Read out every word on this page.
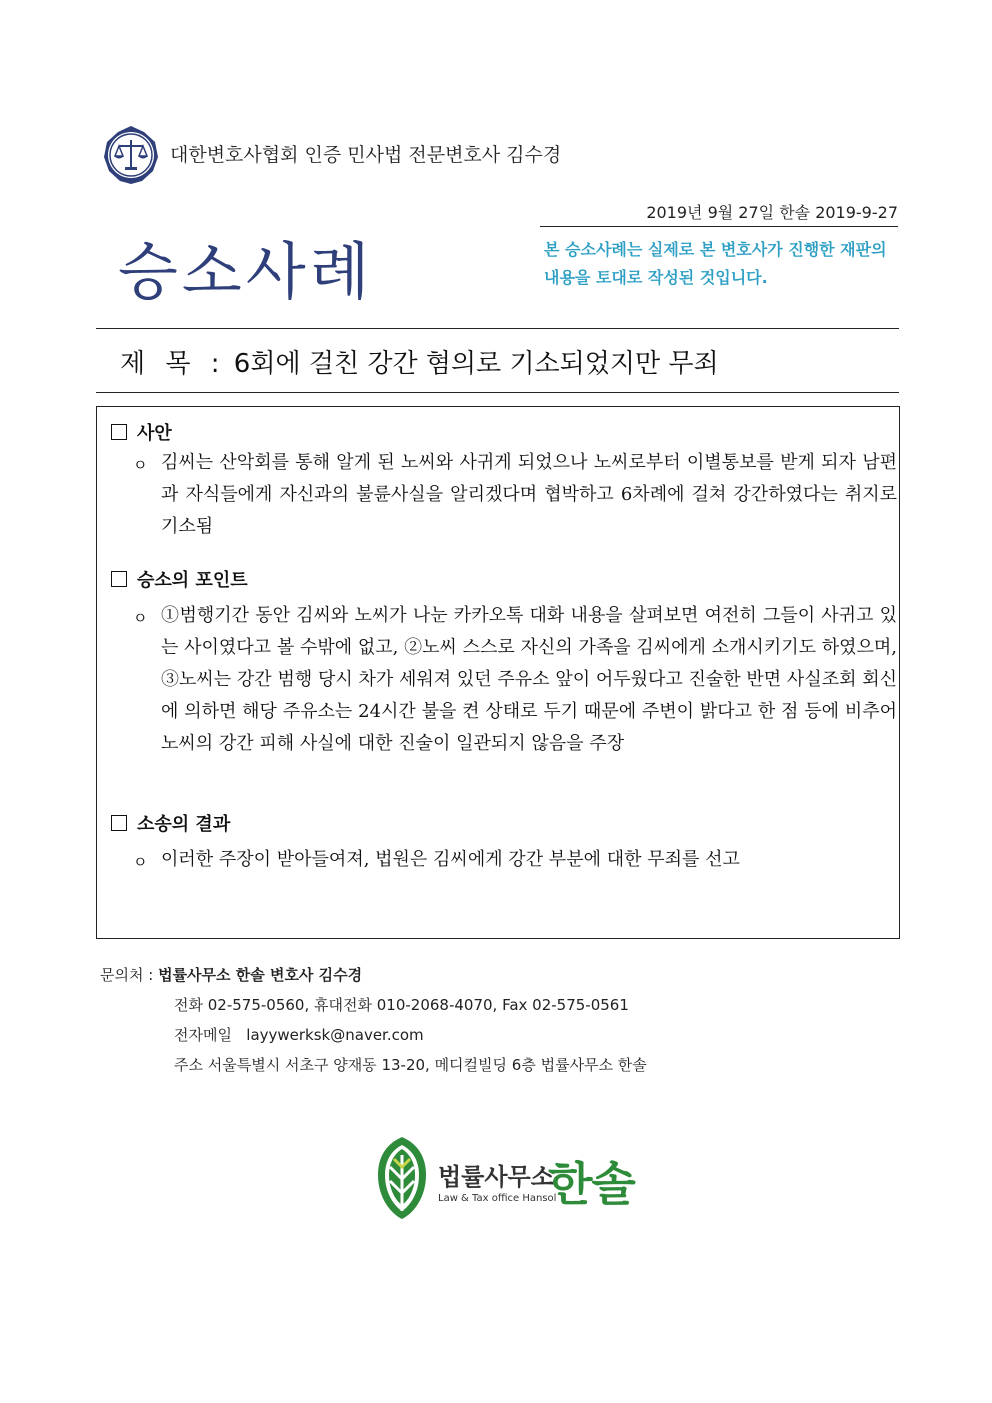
대한변호사협회 인증 민사법 전문변호사 김수경
2019년 9월 27일 한솔 2019-9-27
승소사례	본 승소사례는 실제로 본 변호사가 진행한 재판의 내용을 토대로 작성된 것입니다.
제 목 : 6회에 걸친 강간 혐의로 기소되었지만 무죄
사안
ㅇ 김씨는 산악회를 통해 알게 된 노씨와 사귀게 되었으나 노씨로부터 이별통보를 받게 되자 남편과 자식들에게 자신과의 불륜사실을 알리겠다며 협박하고 6차례에 걸쳐 강간하였다는 취지로 기소됨
승소의 포인트
ㅇ ①범행기간 동안 김씨와 노씨가 나눈 카카오톡 대화 내용을 살펴보면 여전히 그들이 사귀고 있는 사이였다고 볼 수밖에 없고, ②노씨 스스로 자신의 가족을 김씨에게 소개시키기도 하였으며, ③노씨는 강간 범행 당시 차가 세워져 있던 주유소 앞이 어두웠다고 진술한 반면 사실조회 회신에 의하면 해당 주유소는 24시간 불을 켠 상태로 두기 때문에 주변이 밝다고 한 점 등에 비추어 노씨의 강간 피해 사실에 대한 진술이 일관되지 않음을 주장
소송의 결과
ㅇ 이러한 주장이 받아들여져, 법원은 김씨에게 강간 부분에 대한 무죄를 선고
문의처 : 법률사무소 한솔 변호사 김수경
전화 02-575-0560, 휴대전화 010-2068-4070, Fax 02-575-0561
전자메일 layywerksk@naver.com
주소 서울특별시 서초구 양재동 13-20, 메디컬빌딩 6층 법률사무소 한솔
법률사무소
Law & Tax office Hansol
한솔
